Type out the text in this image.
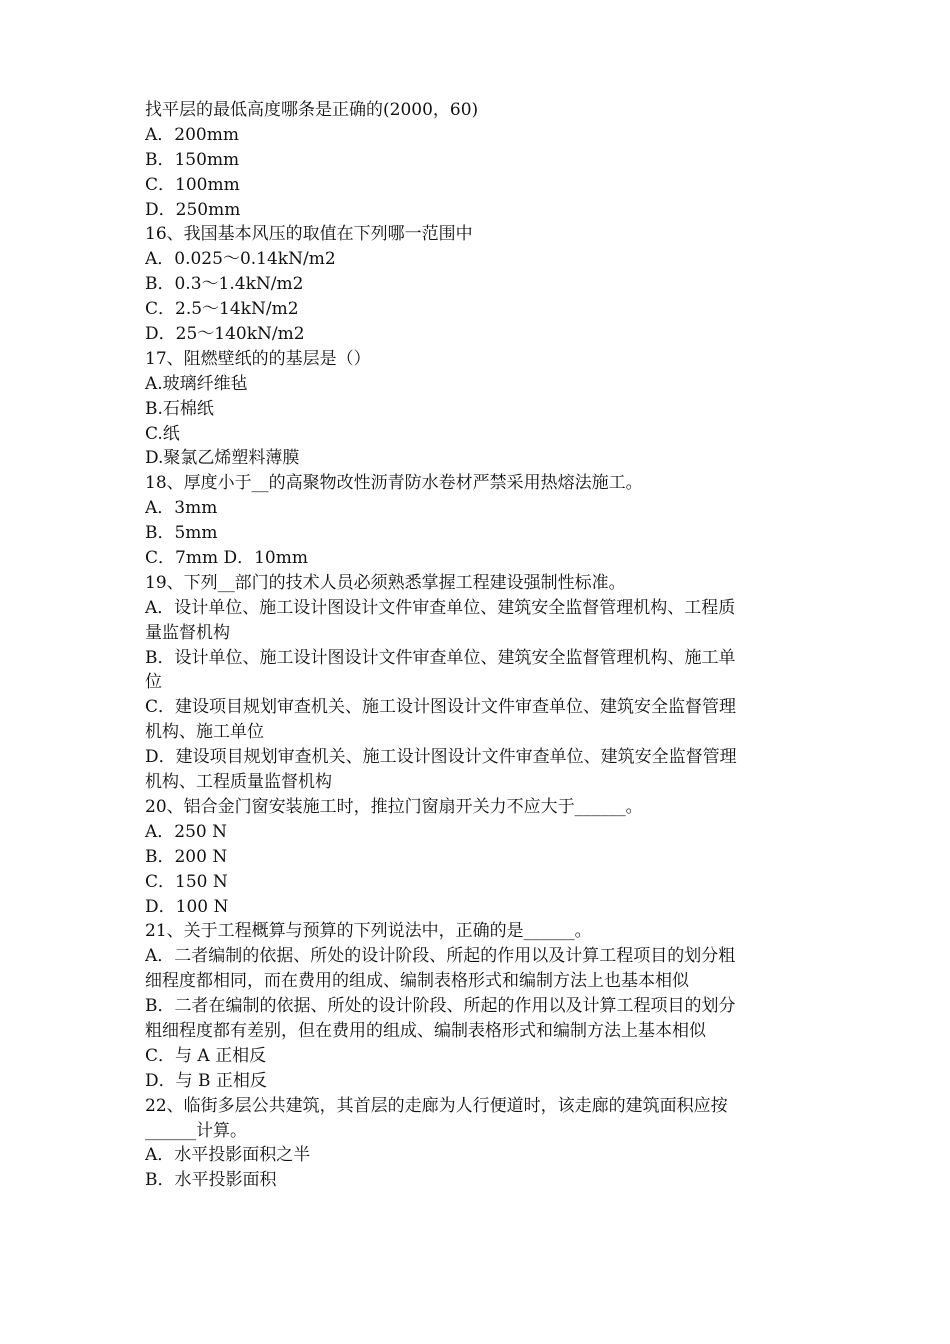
找平层的最低高度哪条是正确的(2000，60)
A．200mm
B．150mm
C．100mm
D．250mm
16、我国基本风压的取值在下列哪一范围中
A．0.025～0.14kN/m2
B．0.3～1.4kN/m2
C．2.5～14kN/m2
D．25～140kN/m2
17、阻燃壁纸的的基层是（）
A.玻璃纤维毡
B.石棉纸
C.纸
D.聚氯乙烯塑料薄膜
18、厚度小于__的高聚物改性沥青防水卷材严禁采用热熔法施工。
A．3mm
B．5mm
C．7mm D．10mm
19、下列__部门的技术人员必须熟悉掌握工程建设强制性标准。
A．设计单位、施工设计图设计文件审查单位、建筑安全监督管理机构、工程质
量监督机构
B．设计单位、施工设计图设计文件审查单位、建筑安全监督管理机构、施工单
位
C．建设项目规划审查机关、施工设计图设计文件审查单位、建筑安全监督管理
机构、施工单位
D．建设项目规划审查机关、施工设计图设计文件审查单位、建筑安全监督管理
机构、工程质量监督机构
20、铝合金门窗安装施工时，推拉门窗扇开关力不应大于______。
A．250 N
B．200 N
C．150 N
D．100 N
21、关于工程概算与预算的下列说法中，正确的是______。
A．二者编制的依据、所处的设计阶段、所起的作用以及计算工程项目的划分粗
细程度都相同，而在费用的组成、编制表格形式和编制方法上也基本相似
B．二者在编制的依据、所处的设计阶段、所起的作用以及计算工程项目的划分
粗细程度都有差别，但在费用的组成、编制表格形式和编制方法上基本相似
C．与 A 正相反
D．与 B 正相反
22、临街多层公共建筑，其首层的走廊为人行便道时，该走廊的建筑面积应按
______计算。
A．水平投影面积之半
B．水平投影面积
